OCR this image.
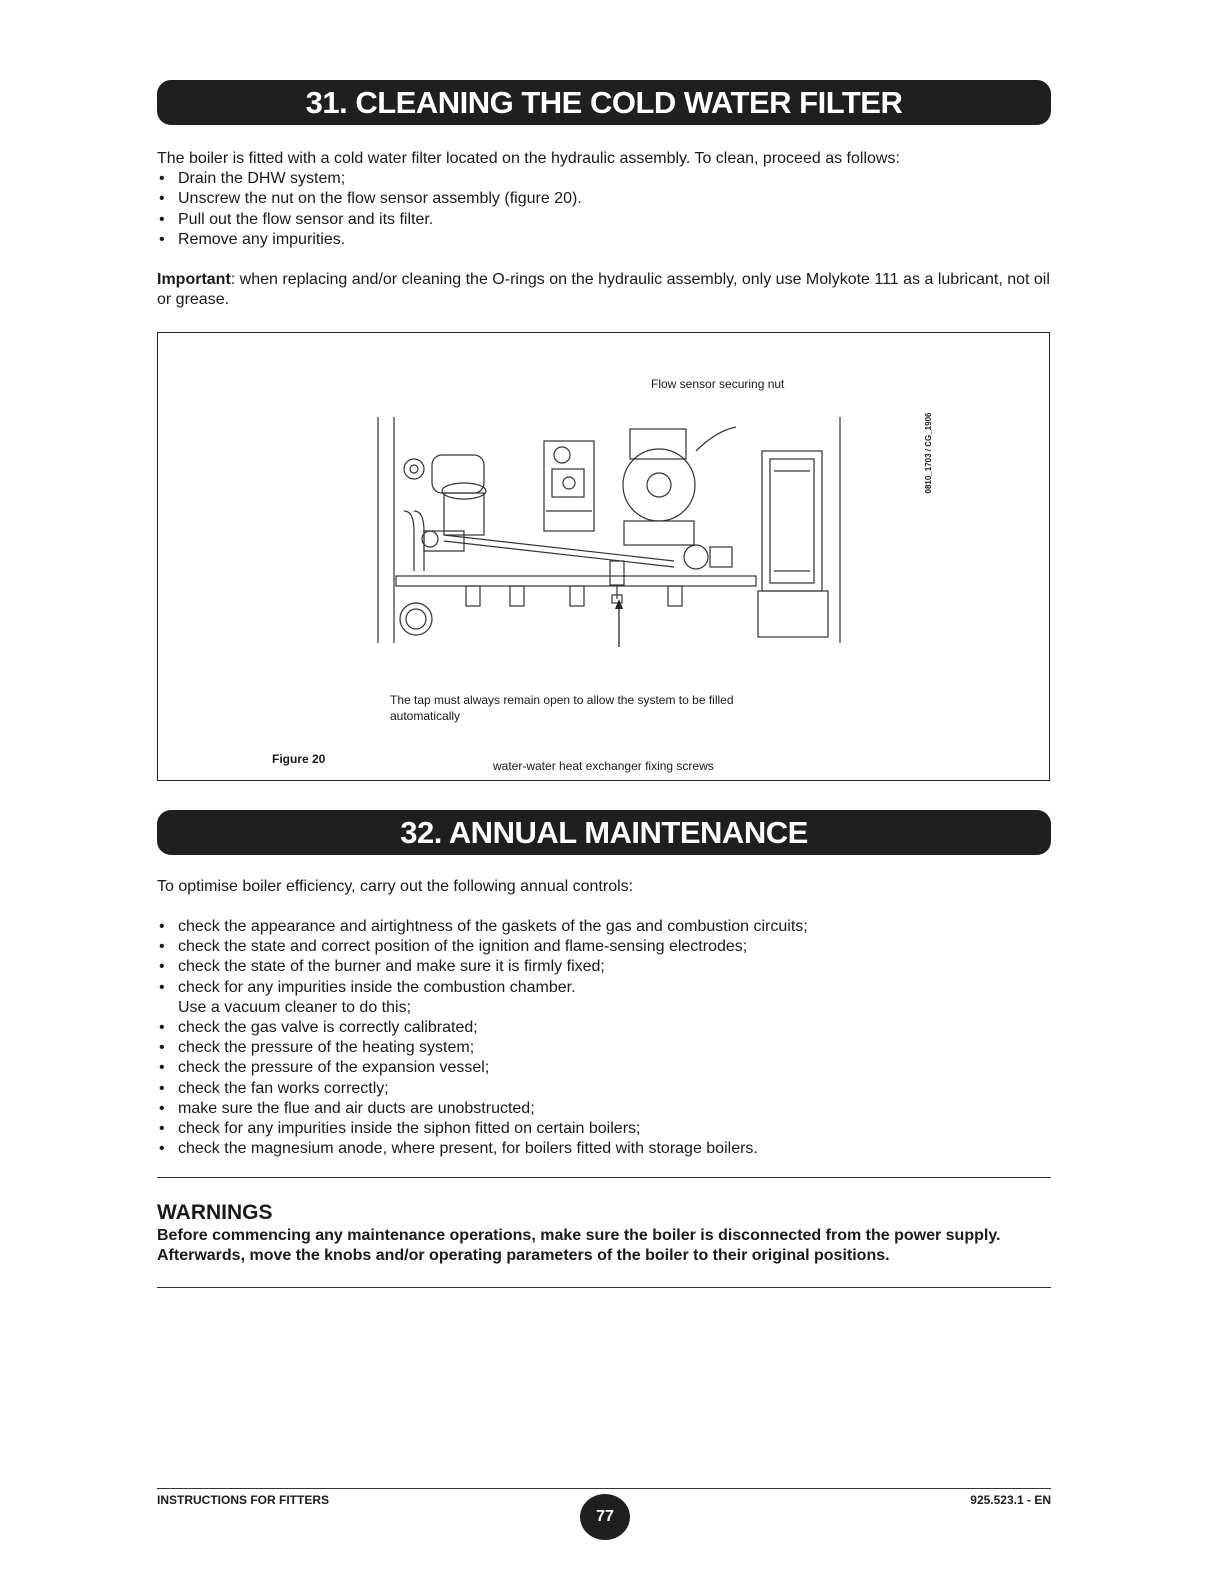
31. CLEANING THE COLD WATER FILTER

The boiler is fitted with a cold water filter located on the hydraulic assembly. To clean, proceed as follows:

• Drain the DHW system;
• Unscrew the nut on the flow sensor assembly (figure 20).
• Pull out the flow sensor and its filter.
• Remove any impurities.

Important: when replacing and/or cleaning the O-rings on the hydraulic assembly, only use Molykote 111 as a lubricant, not oil or grease.

Flow sensor securing nut
0810_1703 / CG_1906
The tap must always remain open to allow the system to be filled automatically
Figure 20	water-water heat exchanger fixing screws
32. ANNUAL MAINTENANCE

To optimise boiler efficiency, carry out the following annual controls:

• check the appearance and airtightness of the gaskets of the gas and combustion circuits;
• check the state and correct position of the ignition and flame-sensing electrodes;
• check the state of the burner and make sure it is firmly fixed;
• check for any impurities inside the combustion chamber.
Use a vacuum cleaner to do this;
• check the gas valve is correctly calibrated;
• check the pressure of the heating system;
• check the pressure of the expansion vessel;
• check the fan works correctly;
• make sure the flue and air ducts are unobstructed;
• check for any impurities inside the siphon fitted on certain boilers;
• check the magnesium anode, where present, for boilers fitted with storage boilers.
WARNINGS
Before commencing any maintenance operations, make sure the boiler is disconnected from the power supply. Afterwards, move the knobs and/or operating parameters of the boiler to their original positions.
INSTRUCTIONS FOR FITTERS
77
925.523.1 - EN
